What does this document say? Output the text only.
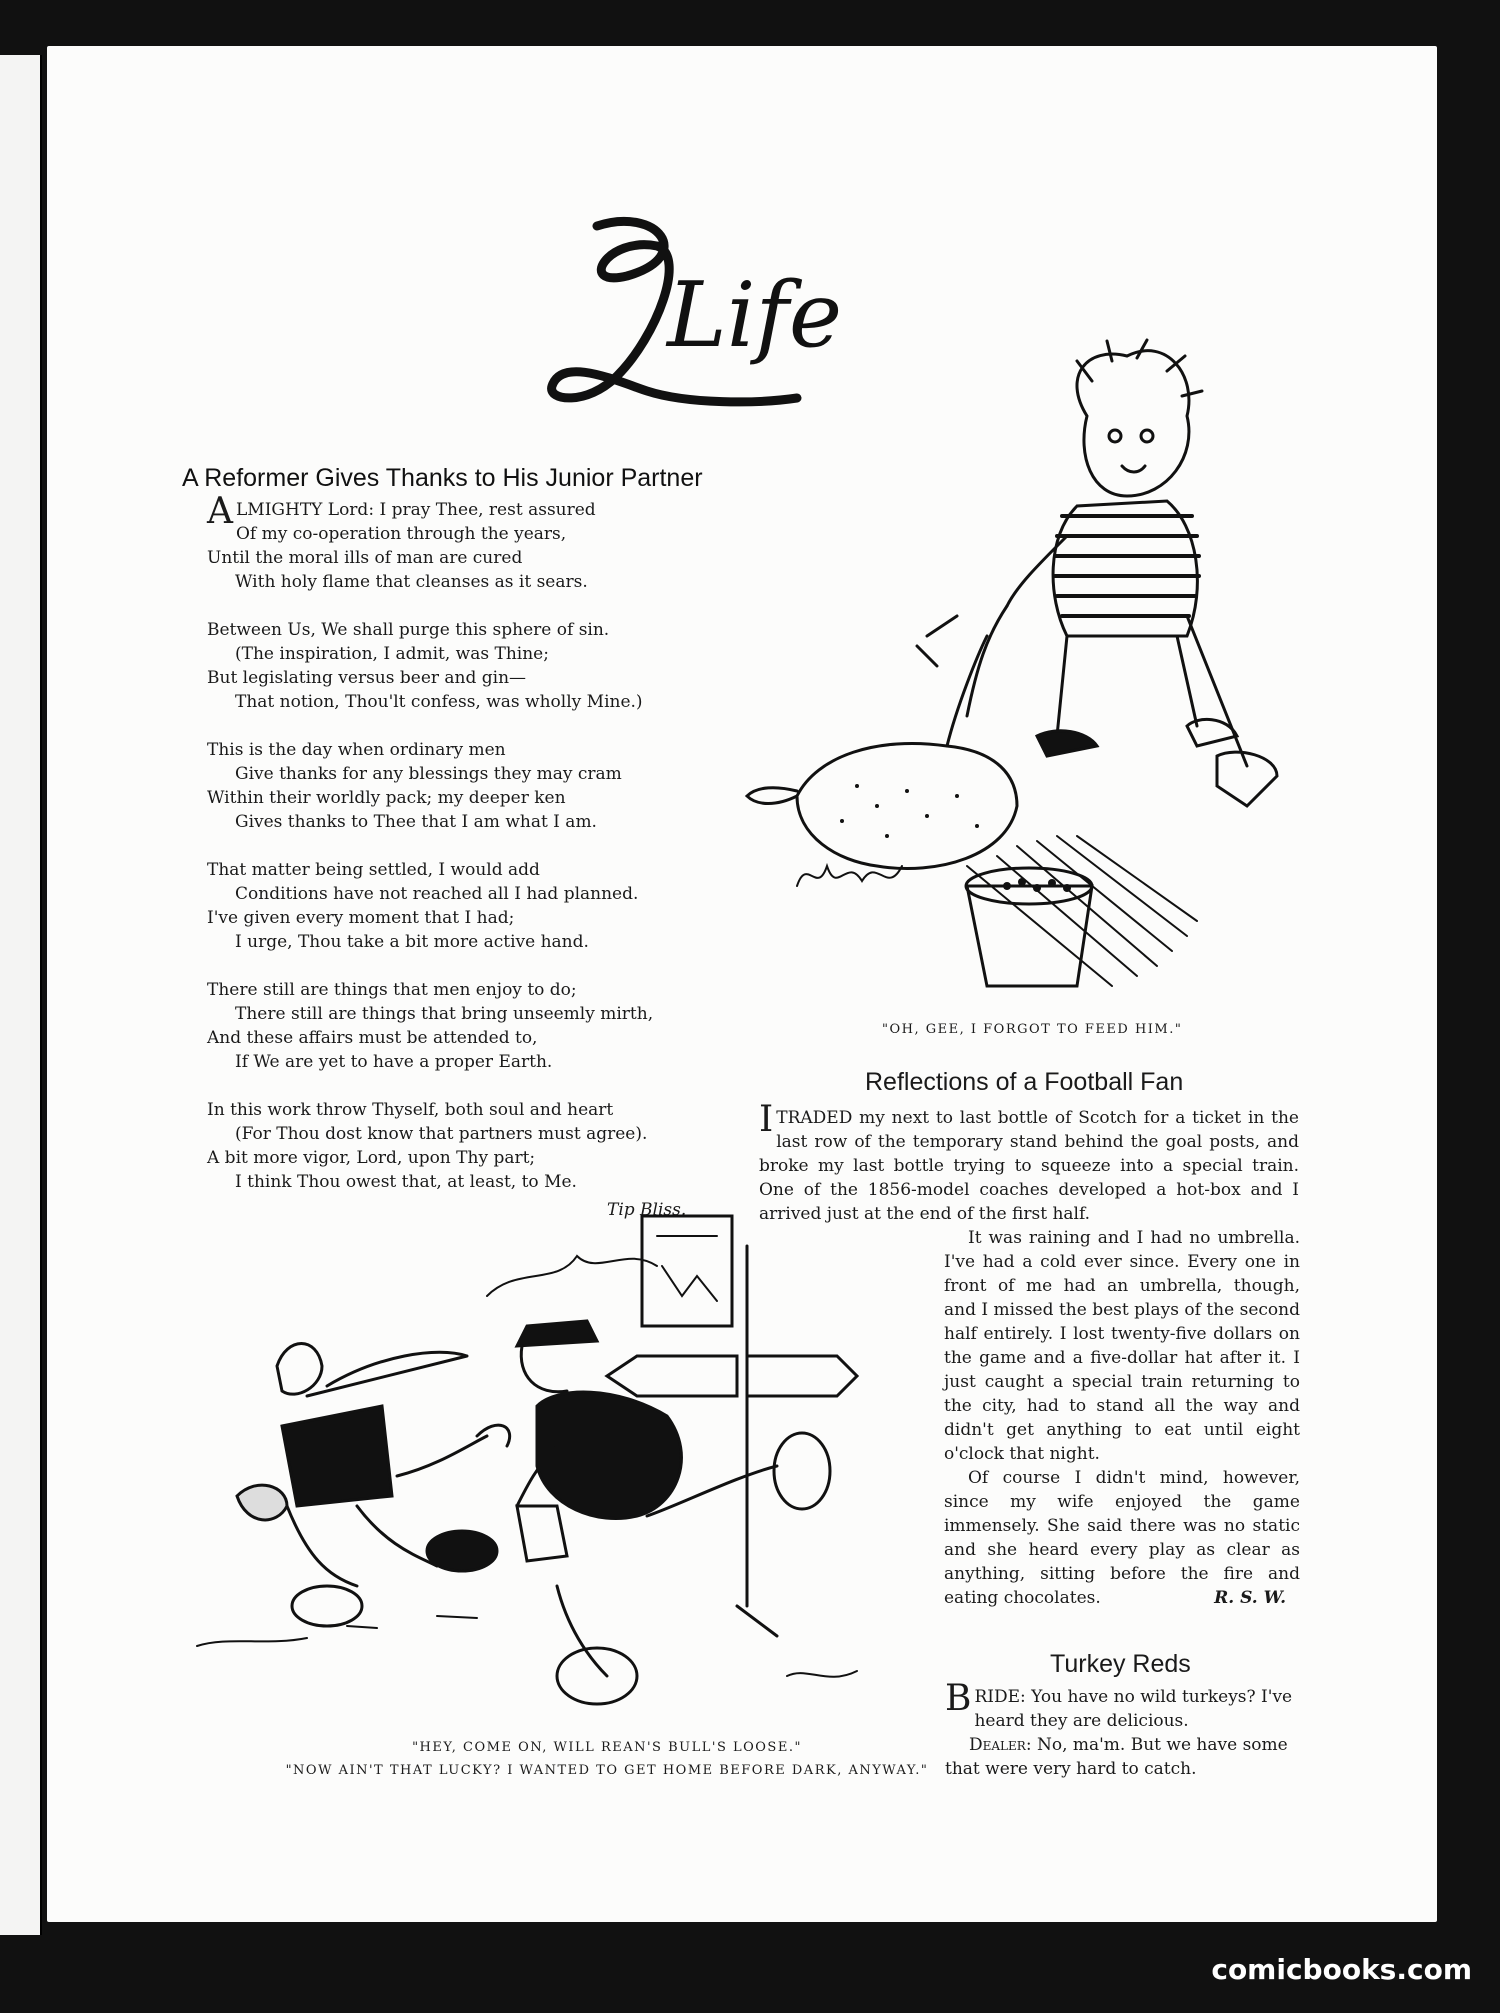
Life
A Reformer Gives Thanks to His Junior Partner
ALMIGHTY Lord: I pray Thee, rest assured
Of my co-operation through the years,
Until the moral ills of man are cured
With holy flame that cleanses as it sears.
Between Us, We shall purge this sphere of sin.
(The inspiration, I admit, was Thine;
But legislating versus beer and gin—
That notion, Thou'lt confess, was wholly Mine.)
This is the day when ordinary men
Give thanks for any blessings they may cram
Within their worldly pack; my deeper ken
Gives thanks to Thee that I am what I am.
That matter being settled, I would add
Conditions have not reached all I had planned.
I've given every moment that I had;
I urge, Thou take a bit more active hand.
There still are things that men enjoy to do;
There still are things that bring unseemly mirth,
And these affairs must be attended to,
If We are yet to have a proper Earth.
In this work throw Thyself, both soul and heart
(For Thou dost know that partners must agree).
A bit more vigor, Lord, upon Thy part;
I think Thou owest that, at least, to Me.
Tip Bliss.
"OH, GEE, I FORGOT TO FEED HIM."
Reflections of a Football Fan

ITRADED my next to last bottle of Scotch for a ticket in the last row of the temporary stand behind the goal posts, and broke my last bottle trying to squeeze into a special train. One of the 1856-model coaches developed a hot-box and I arrived just at the end of the first half.

It was raining and I had no umbrella. I've had a cold ever since. Every one in front of me had an umbrella, though, and I missed the best plays of the second half entirely. I lost twenty-five dollars on the game and a five-dollar hat after it. I just caught a special train returning to the city, had to stand all the way and didn't get anything to eat until eight o'clock that night.

Of course I didn't mind, however, since my wife enjoyed the game immensely. She said there was no static and she heard every play as clear as anything, sitting before the fire and eating chocolates.	R. S. W.

"HEY, COME ON, WILL REAN'S BULL'S LOOSE."
"NOW AIN'T THAT LUCKY? I WANTED TO GET HOME BEFORE DARK, ANYWAY."
Turkey Reds

BRIDE: You have no wild turkeys? I've heard they are delicious.

Dealer: No, ma'm. But we have some that were very hard to catch.

comicbooks.com
